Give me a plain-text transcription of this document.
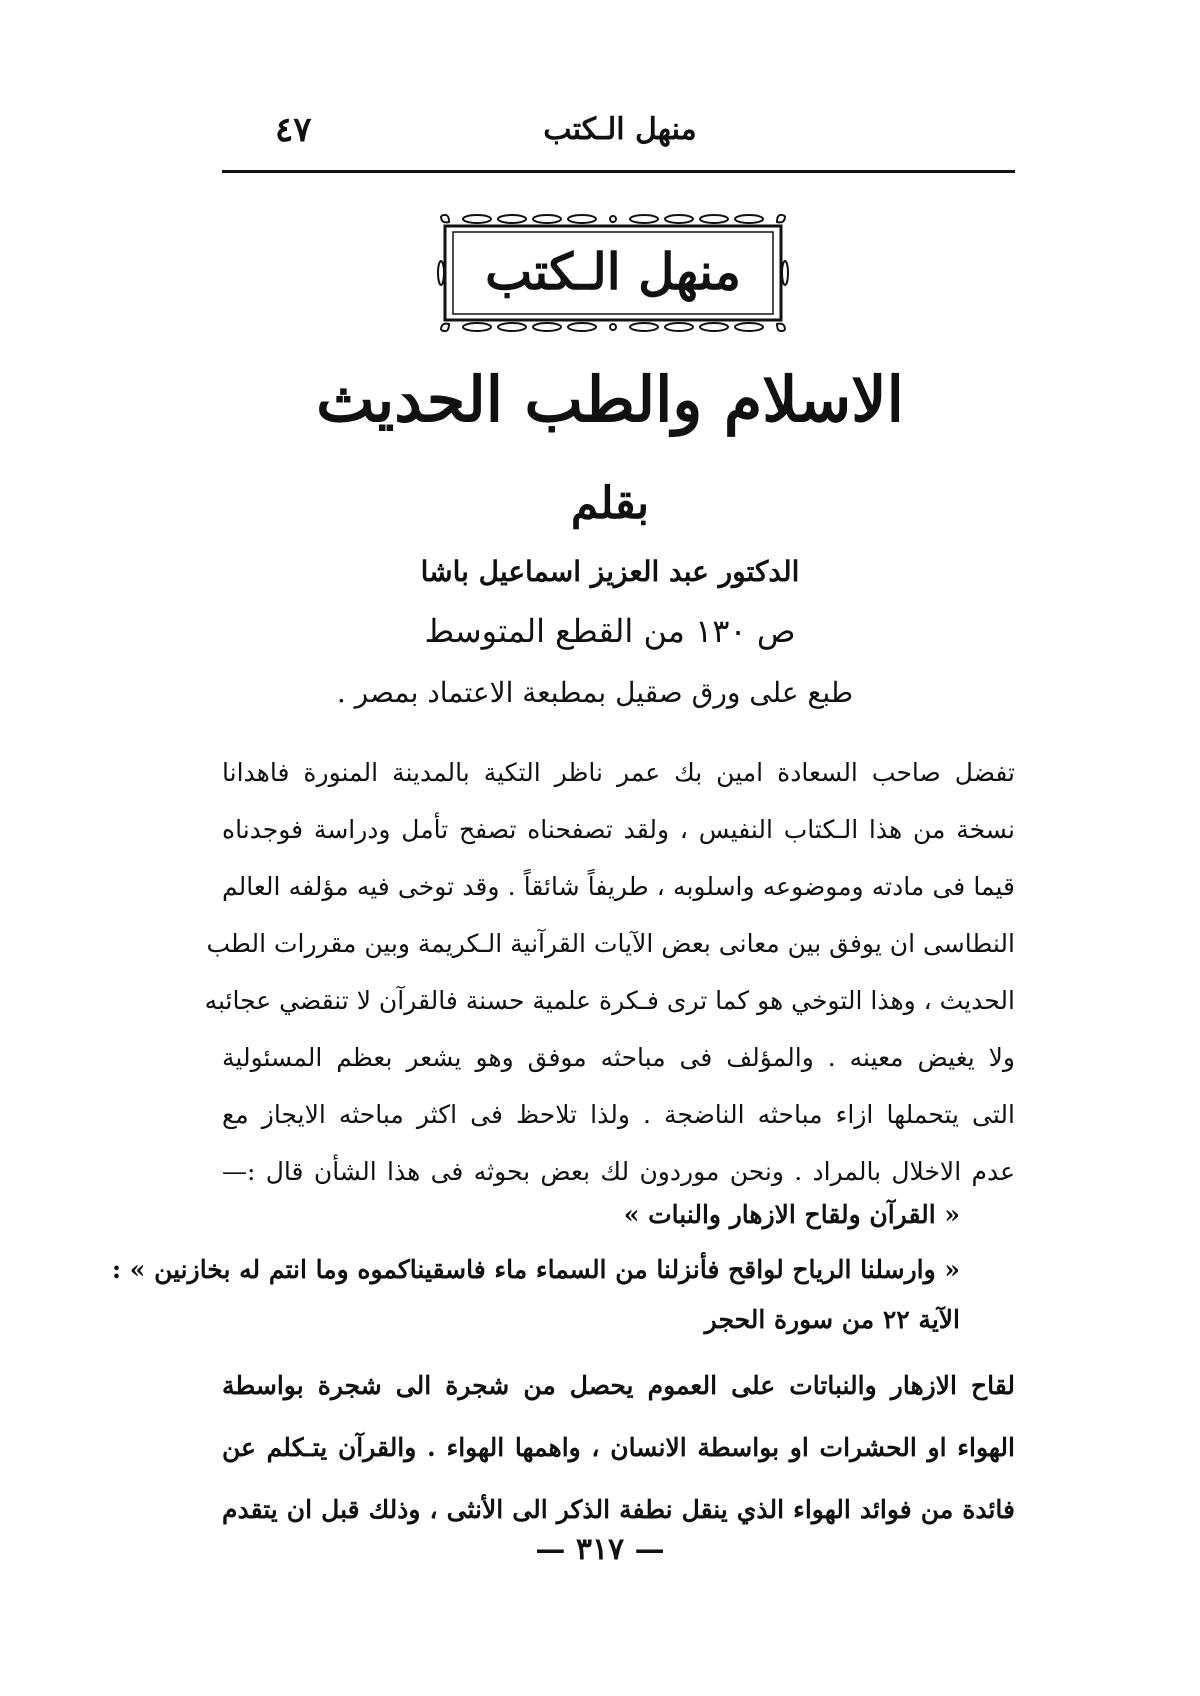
منهل الـكتب
٤٧
منهل الـكتب
الاسلام والطب الحديث
بقلم
الدكتور عبد العزيز اسماعيل باشا
ص ١٣٠ من القطع المتوسط
طبع على ورق صقيل بمطبعة الاعتماد بمصر .
تفضل صاحب السعادة امين بك عمر ناظر التكية بالمدينة المنورة فاهدانا
نسخة من هذا الـكتاب النفيس ، ولقد تصفحناه تصفح تأمل ودراسة فوجدناه
قيما فى مادته وموضوعه واسلوبه ، طريفاً شائقاً . وقد توخى فيه مؤلفه العالم
النطاسى ان يوفق بين معانى بعض الآيات القرآنية الـكريمة وبين مقررات الطب
الحديث ، وهذا التوخي هو كما ترى فـكرة علمية حسنة فالقرآن لا تنقضي عجائبه
ولا يغيض معينه . والمؤلف فى مباحثه موفق وهو يشعر بعظم المسئولية
التى يتحملها ازاء مباحثه الناضجة . ولذا تلاحظ فى اكثر مباحثه الايجاز مع
عدم الاخلال بالمراد . ونحن موردون لك بعض بحوثه فى هذا الشأن قال :—
« القرآن ولقاح الازهار والنبات »
« وارسلنا الرياح لواقح فأنزلنا من السماء ماء فاسقيناكموه وما انتم له بخازنين » :
الآية ٢٢ من سورة الحجر
لقاح الازهار والنباتات على العموم يحصل من شجرة الى شجرة بواسطة
الهواء او الحشرات او بواسطة الانسان ، واهمها الهواء . والقرآن يتـكلم عن
فائدة من فوائد الهواء الذي ينقل نطفة الذكر الى الأنثى ، وذلك قبل ان يتقدم
— ٣١٧ —
